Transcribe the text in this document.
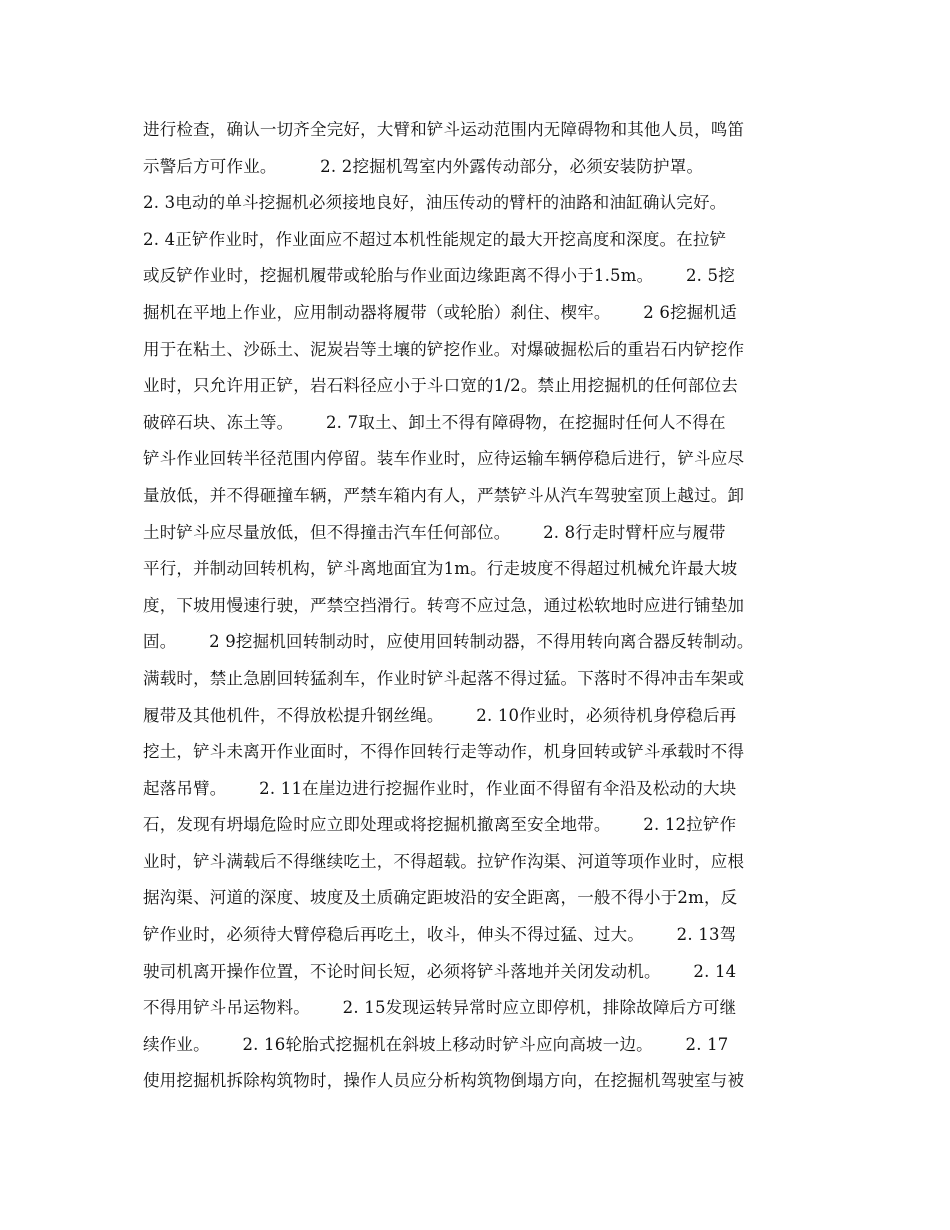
进行检查，确认一切齐全完好，大臂和铲斗运动范围内无障碍物和其他人员，鸣笛
示警后方可作业。        2. 2挖掘机驾室内外露传动部分，必须安装防护罩。
2. 3电动的单斗挖掘机必须接地良好，油压传动的臂杆的油路和油缸确认完好。
2. 4正铲作业时，作业面应不超过本机性能规定的最大开挖高度和深度。在拉铲
或反铲作业时，挖掘机履带或轮胎与作业面边缘距离不得小于1.5m。      2. 5挖
掘机在平地上作业，应用制动器将履带（或轮胎）刹住、楔牢。      2 6挖掘机适
用于在粘土、沙砾土、泥炭岩等土壤的铲挖作业。对爆破掘松后的重岩石内铲挖作
业时，只允许用正铲，岩石料径应小于斗口宽的1/2。禁止用挖掘机的任何部位去
破碎石块、冻土等。      2. 7取土、卸土不得有障碍物，在挖掘时任何人不得在
铲斗作业回转半径范围内停留。装车作业时，应待运输车辆停稳后进行，铲斗应尽
量放低，并不得砸撞车辆，严禁车箱内有人，严禁铲斗从汽车驾驶室顶上越过。卸
土时铲斗应尽量放低，但不得撞击汽车任何部位。      2. 8行走时臂杆应与履带
平行，并制动回转机构，铲斗离地面宜为1m。行走坡度不得超过机械允许最大坡
度，下坡用慢速行驶，严禁空挡滑行。转弯不应过急，通过松软地时应进行铺垫加
固。      2 9挖掘机回转制动时，应使用回转制动器，不得用转向离合器反转制动。
满载时，禁止急剧回转猛刹车，作业时铲斗起落不得过猛。下落时不得冲击车架或
履带及其他机件，不得放松提升钢丝绳。      2. 10作业时，必须待机身停稳后再
挖土，铲斗未离开作业面时，不得作回转行走等动作，机身回转或铲斗承载时不得
起落吊臂。      2. 11在崖边进行挖掘作业时，作业面不得留有伞沿及松动的大块
石，发现有坍塌危险时应立即处理或将挖掘机撤离至安全地带。      2. 12拉铲作
业时，铲斗满载后不得继续吃土，不得超载。拉铲作沟渠、河道等项作业时，应根
据沟渠、河道的深度、坡度及土质确定距坡沿的安全距离，一般不得小于2m，反
铲作业时，必须待大臂停稳后再吃土，收斗，伸头不得过猛、过大。      2. 13驾
驶司机离开操作位置，不论时间长短，必须将铲斗落地并关闭发动机。      2. 14
不得用铲斗吊运物料。      2. 15发现运转异常时应立即停机，排除故障后方可继
续作业。      2. 16轮胎式挖掘机在斜坡上移动时铲斗应向高坡一边。      2. 17
使用挖掘机拆除构筑物时，操作人员应分析构筑物倒塌方向，在挖掘机驾驶室与被
